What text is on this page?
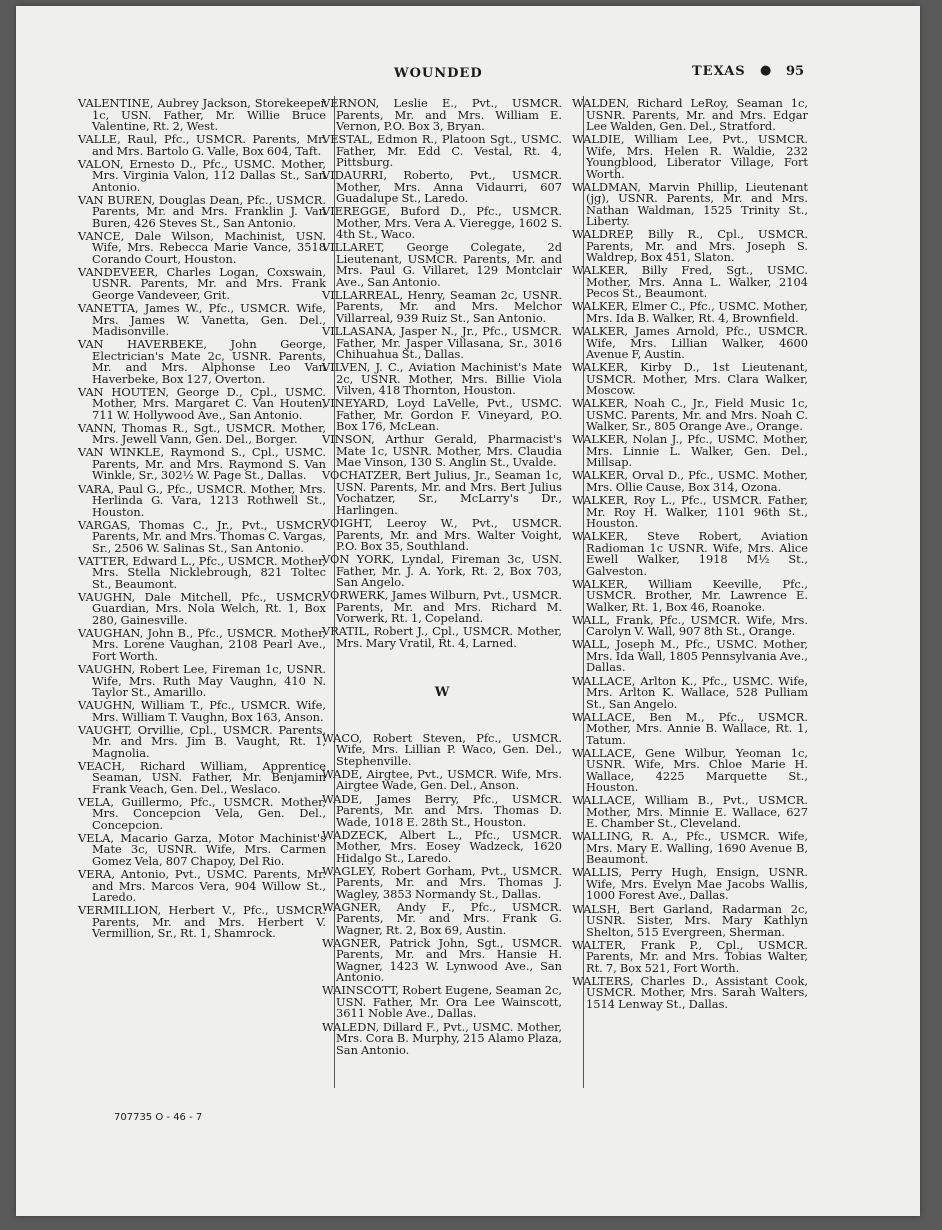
WOUNDED	TEXAS ● 95

VALENTINE, Aubrey Jackson, Storekeeper 1c, USN. Father, Mr. Willie Bruce Valentine, Rt. 2, West.

VALLE, Raul, Pfc., USMCR. Parents, Mr. and Mrs. Bartolo G. Valle, Box 604, Taft.

VALON, Ernesto D., Pfc., USMC. Mother, Mrs. Virginia Valon, 112 Dallas St., San Antonio.

VAN BUREN, Douglas Dean, Pfc., USMCR. Parents, Mr. and Mrs. Franklin J. Van Buren, 426 Steves St., San Antonio.

VANCE, Dale Wilson, Machinist, USN. Wife, Mrs. Rebecca Marie Vance, 3518 Corando Court, Houston.

VANDEVEER, Charles Logan, Coxswain, USNR. Parents, Mr. and Mrs. Frank George Vandeveer, Grit.

VANETTA, James W., Pfc., USMCR. Wife, Mrs. James W. Vanetta, Gen. Del., Madisonville.

VAN HAVERBEKE, John George, Electrician's Mate 2c, USNR. Parents, Mr. and Mrs. Alphonse Leo Van Haverbeke, Box 127, Overton.

VAN HOUTEN, George D., Cpl., USMC. Mother, Mrs. Margaret C. Van Houten, 711 W. Hollywood Ave., San Antonio.

VANN, Thomas R., Sgt., USMCR. Mother, Mrs. Jewell Vann, Gen. Del., Borger.

VAN WINKLE, Raymond S., Cpl., USMC. Parents, Mr. and Mrs. Raymond S. Van Winkle, Sr., 302½ W. Page St., Dallas.

VARA, Paul G., Pfc., USMCR. Mother, Mrs. Herlinda G. Vara, 1213 Rothwell St., Houston.

VARGAS, Thomas C., Jr., Pvt., USMCR. Parents, Mr. and Mrs. Thomas C. Vargas, Sr., 2506 W. Salinas St., San Antonio.

VATTER, Edward L., Pfc., USMCR. Mother, Mrs. Stella Nicklebrough, 821 Toltec St., Beaumont.

VAUGHN, Dale Mitchell, Pfc., USMCR. Guardian, Mrs. Nola Welch, Rt. 1, Box 280, Gainesville.

VAUGHAN, John B., Pfc., USMCR. Mother, Mrs. Lorene Vaughan, 2108 Pearl Ave., Fort Worth.

VAUGHN, Robert Lee, Fireman 1c, USNR. Wife, Mrs. Ruth May Vaughn, 410 N. Taylor St., Amarillo.

VAUGHN, William T., Pfc., USMCR. Wife, Mrs. William T. Vaughn, Box 163, Anson.

VAUGHT, Orvillie, Cpl., USMCR. Parents, Mr. and Mrs. Jim B. Vaught, Rt. 1, Magnolia.

VEACH, Richard William, Apprentice Seaman, USN. Father, Mr. Benjamin Frank Veach, Gen. Del., Weslaco.

VELA, Guillermo, Pfc., USMCR. Mother, Mrs. Concepcion Vela, Gen. Del., Concepcion.

VELA, Macario Garza, Motor Machinist's Mate 3c, USNR. Wife, Mrs. Carmen Gomez Vela, 807 Chapoy, Del Rio.

VERA, Antonio, Pvt., USMC. Parents, Mr. and Mrs. Marcos Vera, 904 Willow St., Laredo.

VERMILLION, Herbert V., Pfc., USMCR. Parents, Mr. and Mrs. Herbert V. Vermillion, Sr., Rt. 1, Shamrock.

VERNON, Leslie E., Pvt., USMCR. Parents, Mr. and Mrs. William E. Vernon, P.O. Box 3, Bryan.

VESTAL, Edmon R., Platoon Sgt., USMC. Father, Mr. Edd C. Vestal, Rt. 4, Pittsburg.

VIDAURRI, Roberto, Pvt., USMCR. Mother, Mrs. Anna Vidaurri, 607 Guadalupe St., Laredo.

VIEREGGE, Buford D., Pfc., USMCR. Mother, Mrs. Vera A. Vieregge, 1602 S. 4th St., Waco.

VILLARET, George Colegate, 2d Lieutenant, USMCR. Parents, Mr. and Mrs. Paul G. Villaret, 129 Montclair Ave., San Antonio.

VILLARREAL, Henry, Seaman 2c, USNR. Parents, Mr. and Mrs. Melchor Villarreal, 939 Ruiz St., San Antonio.

VILLASANA, Jasper N., Jr., Pfc., USMCR. Father, Mr. Jasper Villasana, Sr., 3016 Chihuahua St., Dallas.

VILVEN, J. C., Aviation Machinist's Mate 2c, USNR. Mother, Mrs. Billie Viola Vilven, 418 Thornton, Houston.

VINEYARD, Loyd LaVelle, Pvt., USMC. Father, Mr. Gordon F. Vineyard, P.O. Box 176, McLean.

VINSON, Arthur Gerald, Pharmacist's Mate 1c, USNR. Mother, Mrs. Claudia Mae Vinson, 130 S. Anglin St., Uvalde.

VOCHATZER, Bert Julius, Jr., Seaman 1c, USN. Parents, Mr. and Mrs. Bert Julius Vochatzer, Sr., McLarry's Dr., Harlingen.

VOIGHT, Leeroy W., Pvt., USMCR. Parents, Mr. and Mrs. Walter Voight, P.O. Box 35, Southland.

VON YORK, Lyndal, Fireman 3c, USN. Father, Mr. J. A. York, Rt. 2, Box 703, San Angelo.

VORWERK, James Wilburn, Pvt., USMCR. Parents, Mr. and Mrs. Richard M. Vorwerk, Rt. 1, Copeland.

VRATIL, Robert J., Cpl., USMCR. Mother, Mrs. Mary Vratil, Rt. 4, Larned.

W

WACO, Robert Steven, Pfc., USMCR. Wife, Mrs. Lillian P. Waco, Gen. Del., Stephenville.

WADE, Airgtee, Pvt., USMCR. Wife, Mrs. Airgtee Wade, Gen. Del., Anson.

WADE, James Berry, Pfc., USMCR. Parents, Mr. and Mrs. Thomas D. Wade, 1018 E. 28th St., Houston.

WADZECK, Albert L., Pfc., USMCR. Mother, Mrs. Eosey Wadzeck, 1620 Hidalgo St., Laredo.

WAGLEY, Robert Gorham, Pvt., USMCR. Parents, Mr. and Mrs. Thomas J. Wagley, 3853 Normandy St., Dallas.

WAGNER, Andy F., Pfc., USMCR. Parents, Mr. and Mrs. Frank G. Wagner, Rt. 2, Box 69, Austin.

WAGNER, Patrick John, Sgt., USMCR. Parents, Mr. and Mrs. Hansie H. Wagner, 1423 W. Lynwood Ave., San Antonio.

WAINSCOTT, Robert Eugene, Seaman 2c, USN. Father, Mr. Ora Lee Wainscott, 3611 Noble Ave., Dallas.

WALEDN, Dillard F., Pvt., USMC. Mother, Mrs. Cora B. Murphy, 215 Alamo Plaza, San Antonio.

WALDEN, Richard LeRoy, Seaman 1c, USNR. Parents, Mr. and Mrs. Edgar Lee Walden, Gen. Del., Stratford.

WALDIE, William Lee, Pvt., USMCR. Wife, Mrs. Helen R. Waldie, 232 Youngblood, Liberator Village, Fort Worth.

WALDMAN, Marvin Phillip, Lieutenant (jg), USNR. Parents, Mr. and Mrs. Nathan Waldman, 1525 Trinity St., Liberty.

WALDREP, Billy R., Cpl., USMCR. Parents, Mr. and Mrs. Joseph S. Waldrep, Box 451, Slaton.

WALKER, Billy Fred, Sgt., USMC. Mother, Mrs. Anna L. Walker, 2104 Pecos St., Beaumont.

WALKER, Elmer C., Pfc., USMC. Mother, Mrs. Ida B. Walker, Rt. 4, Brownfield.

WALKER, James Arnold, Pfc., USMCR. Wife, Mrs. Lillian Walker, 4600 Avenue F, Austin.

WALKER, Kirby D., 1st Lieutenant, USMCR. Mother, Mrs. Clara Walker, Moscow.

WALKER, Noah C., Jr., Field Music 1c, USMC. Parents, Mr. and Mrs. Noah C. Walker, Sr., 805 Orange Ave., Orange.

WALKER, Nolan J., Pfc., USMC. Mother, Mrs. Linnie L. Walker, Gen. Del., Millsap.

WALKER, Orval D., Pfc., USMC. Mother, Mrs. Ollie Cause, Box 314, Ozona.

WALKER, Roy L., Pfc., USMCR. Father, Mr. Roy H. Walker, 1101 96th St., Houston.

WALKER, Steve Robert, Aviation Radioman 1c USNR. Wife, Mrs. Alice Ewell Walker, 1918 M½ St., Galveston.

WALKER, William Keeville, Pfc., USMCR. Brother, Mr. Lawrence E. Walker, Rt. 1, Box 46, Roanoke.

WALL, Frank, Pfc., USMCR. Wife, Mrs. Carolyn V. Wall, 907 8th St., Orange.

WALL, Joseph M., Pfc., USMC. Mother, Mrs. Ida Wall, 1805 Pennsylvania Ave., Dallas.

WALLACE, Arlton K., Pfc., USMC. Wife, Mrs. Arlton K. Wallace, 528 Pulliam St., San Angelo.

WALLACE, Ben M., Pfc., USMCR. Mother, Mrs. Annie B. Wallace, Rt. 1, Tatum.

WALLACE, Gene Wilbur, Yeoman 1c, USNR. Wife, Mrs. Chloe Marie H. Wallace, 4225 Marquette St., Houston.

WALLACE, William B., Pvt., USMCR. Mother, Mrs. Minnie E. Wallace, 627 E. Chamber St., Cleveland.

WALLING, R. A., Pfc., USMCR. Wife, Mrs. Mary E. Walling, 1690 Avenue B, Beaumont.

WALLIS, Perry Hugh, Ensign, USNR. Wife, Mrs. Evelyn Mae Jacobs Wallis, 1000 Forest Ave., Dallas.

WALSH, Bert Garland, Radarman 2c, USNR. Sister, Mrs. Mary Kathlyn Shelton, 515 Evergreen, Sherman.

WALTER, Frank P., Cpl., USMCR. Parents, Mr. and Mrs. Tobias Walter, Rt. 7, Box 521, Fort Worth.

WALTERS, Charles D., Assistant Cook, USMCR. Mother, Mrs. Sarah Walters, 1514 Lenway St., Dallas.

707735 O - 46 - 7
